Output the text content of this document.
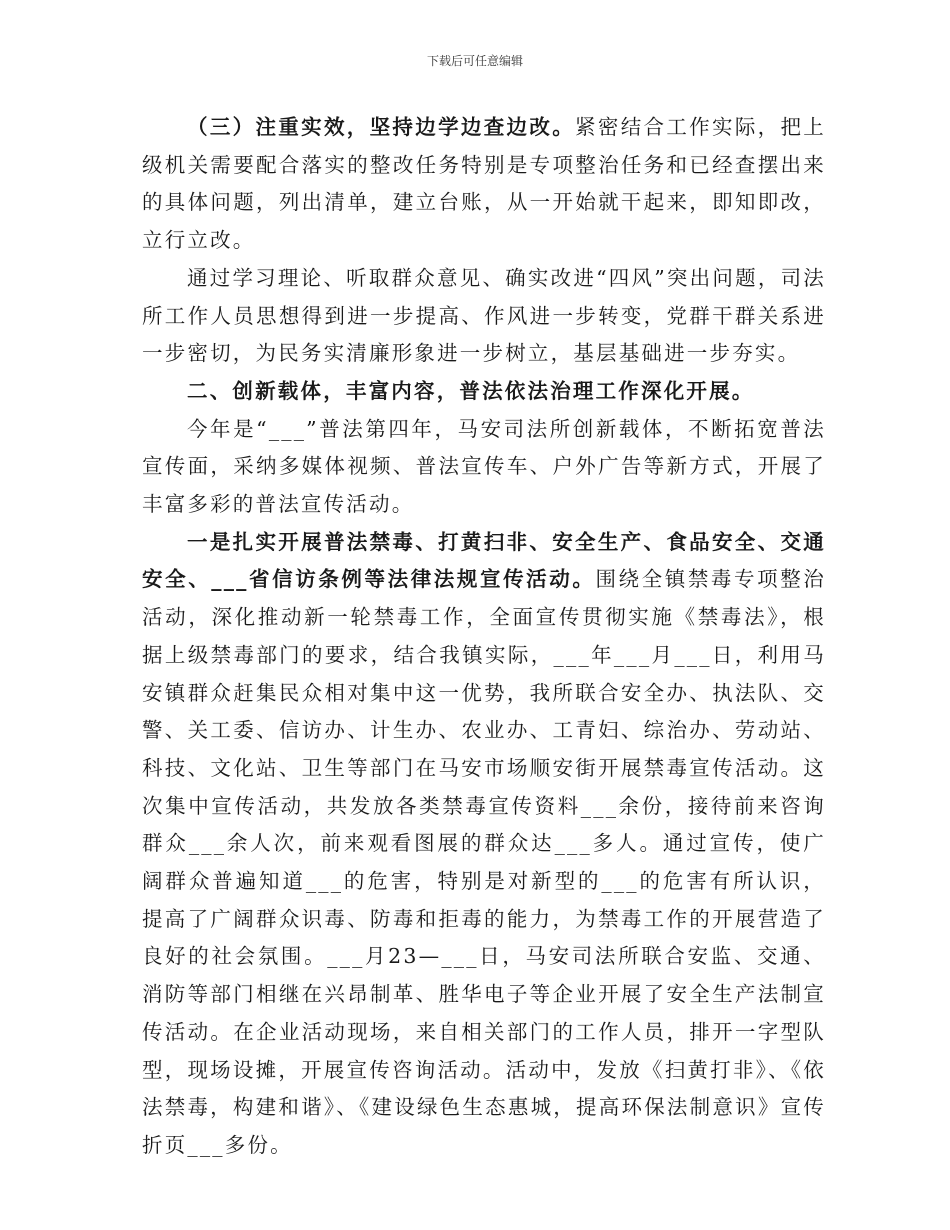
下载后可任意编辑

（三）注重实效，坚持边学边查边改。紧密结合工作实际，把上级机关需要配合落实的整改任务特别是专项整治任务和已经查摆出来的具体问题，列出清单，建立台账，从一开始就干起来，即知即改，立行立改。

通过学习理论、听取群众意见、确实改进“四风”突出问题，司法所工作人员思想得到进一步提高、作风进一步转变，党群干群关系进一步密切，为民务实清廉形象进一步树立，基层基础进一步夯实。

二、创新载体，丰富内容，普法依法治理工作深化开展。

今年是“___”普法第四年，马安司法所创新载体，不断拓宽普法宣传面，采纳多媒体视频、普法宣传车、户外广告等新方式，开展了丰富多彩的普法宣传活动。

一是扎实开展普法禁毒、打黄扫非、安全生产、食品安全、交通安全、___省信访条例等法律法规宣传活动。围绕全镇禁毒专项整治活动，深化推动新一轮禁毒工作，全面宣传贯彻实施《禁毒法》，根据上级禁毒部门的要求，结合我镇实际，___年___月___日，利用马安镇群众赶集民众相对集中这一优势，我所联合安全办、执法队、交警、关工委、信访办、计生办、农业办、工青妇、综治办、劳动站、科技、文化站、卫生等部门在马安市场顺安街开展禁毒宣传活动。这次集中宣传活动，共发放各类禁毒宣传资料___余份，接待前来咨询群众___余人次，前来观看图展的群众达___多人。通过宣传，使广阔群众普遍知道___的危害，特别是对新型的___的危害有所认识，提高了广阔群众识毒、防毒和拒毒的能力，为禁毒工作的开展营造了良好的社会氛围。___月23—___日，马安司法所联合安监、交通、消防等部门相继在兴昂制革、胜华电子等企业开展了安全生产法制宣传活动。在企业活动现场，来自相关部门的工作人员，排开一字型队型，现场设摊，开展宣传咨询活动。活动中，发放《扫黄打非》、《依法禁毒，构建和谐》、《建设绿色生态惠城，提高环保法制意识》宣传折页___多份。
